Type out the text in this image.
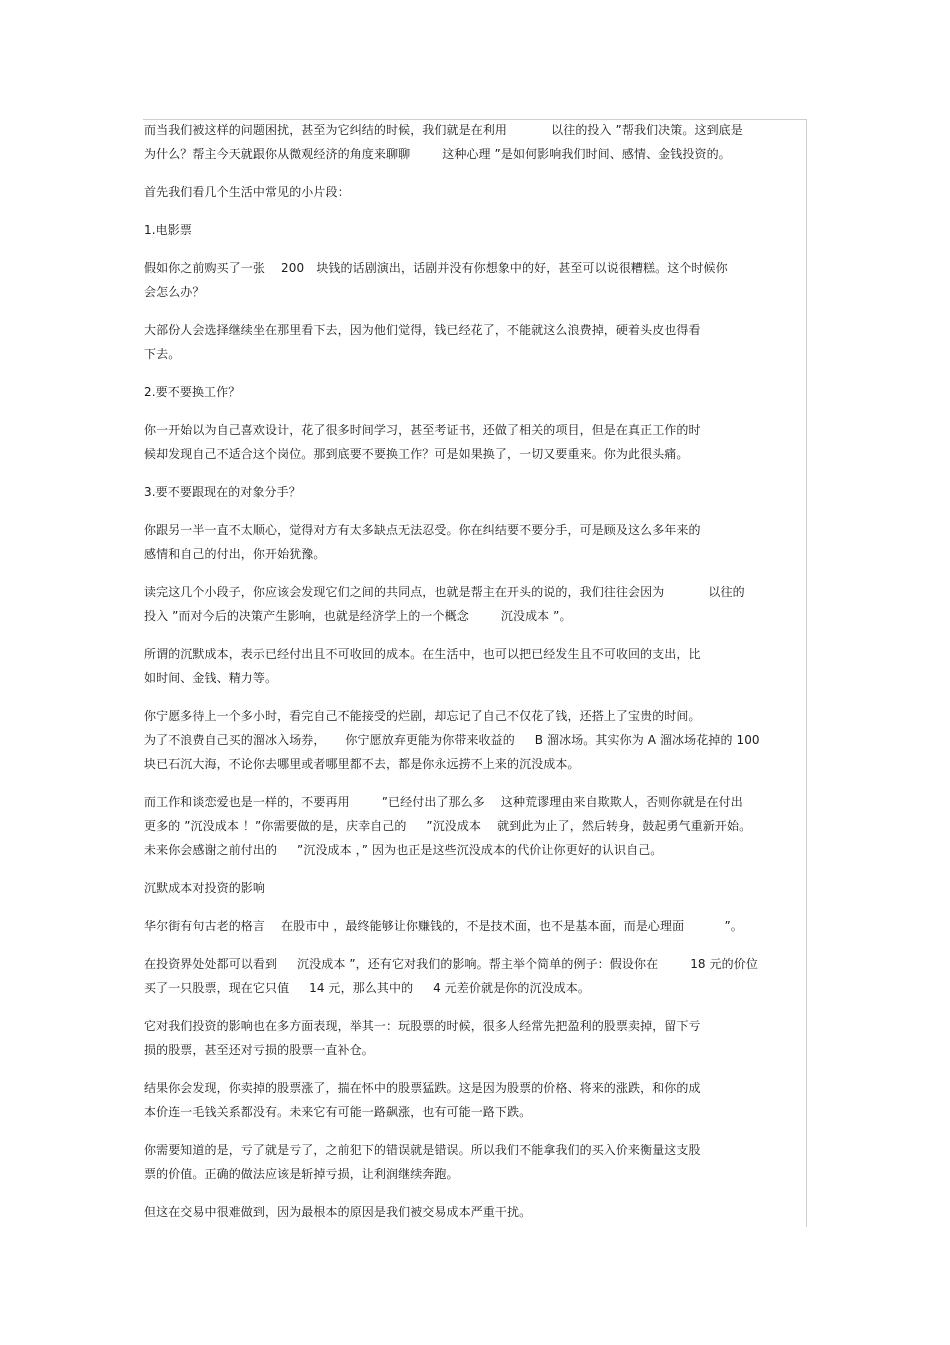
而当我们被这样的问题困扰，甚至为它纠结的时候，我们就是在利用 　　　 以往的投入 ”帮我们决策。这到底是
为什么？帮主今天就跟你从微观经济的角度来聊聊 　　 这种心理 ”是如何影响我们时间、感情、金钱投资的。
首先我们看几个生活中常见的小片段：
1.电影票
假如你之前购买了一张 　200　块钱的话剧演出，话剧并没有你想象中的好，甚至可以说很糟糕。这个时候你
会怎么办？
大部份人会选择继续坐在那里看下去，因为他们觉得，钱已经花了，不能就这么浪费掉，硬着头皮也得看
下去。
2.要不要换工作？
你一开始以为自己喜欢设计，花了很多时间学习，甚至考证书，还做了相关的项目，但是在真正工作的时
候却发现自己不适合这个岗位。那到底要不要换工作？可是如果换了，一切又要重来。你为此很头痛。
3.要不要跟现在的对象分手？
你跟另一半一直不太顺心，觉得对方有太多缺点无法忍受。你在纠结要不要分手，可是顾及这么多年来的
感情和自己的付出，你开始犹豫。
读完这几个小段子，你应该会发现它们之间的共同点，也就是帮主在开头的说的，我们往往会因为 　　　 以往的
投入 ”而对今后的决策产生影响，也就是经济学上的一个概念 　　 沉没成本 ”。
所谓的沉默成本，表示已经付出且不可收回的成本。在生活中，也可以把已经发生且不可收回的支出，比
如时间、金钱、精力等。
你宁愿多待上一个多小时，看完自己不能接受的烂剧，却忘记了自己不仅花了钱，还搭上了宝贵的时间。
为了不浪费自己买的溜冰入场券， 　 你宁愿放弃更能为你带来收益的 　 B 溜冰场。其实你为 A 溜冰场花掉的 100
块已石沉大海，不论你去哪里或者哪里都不去，都是你永远捞不上来的沉没成本。
而工作和谈恋爱也是一样的，不要再用 　　 ”已经付出了那么多 　这种荒谬理由来自欺欺人，否则你就是在付出
更多的 ”沉没成本 ！”你需要做的是，庆幸自己的 　 ”沉没成本 　就到此为止了，然后转身，鼓起勇气重新开始。
未来你会感谢之前付出的 　 ”沉没成本 ，” 因为也正是这些沉没成本的代价让你更好的认识自己。
沉默成本对投资的影响
华尔街有句古老的格言 　在股市中 ，最终能够让你赚钱的，不是技术面，也不是基本面，而是心理面 　　　”。
在投资界处处都可以看到 　 沉没成本 ”，还有它对我们的影响。帮主举个简单的例子：假设你在 　　 18 元的价位
买了一只股票，现在它只值 　 14 元，那么其中的 　 4 元差价就是你的沉没成本。
它对我们投资的影响也在多方面表现，举其一：玩股票的时候，很多人经常先把盈利的股票卖掉，留下亏
损的股票，甚至还对亏损的股票一直补仓。
结果你会发现，你卖掉的股票涨了，揣在怀中的股票猛跌。这是因为股票的价格、将来的涨跌，和你的成
本价连一毛钱关系都没有。未来它有可能一路飙涨，也有可能一路下跌。
你需要知道的是，亏了就是亏了，之前犯下的错误就是错误。所以我们不能拿我们的买入价来衡量这支股
票的价值。正确的做法应该是斩掉亏损，让利润继续奔跑。
但这在交易中很难做到，因为最根本的原因是我们被交易成本严重干扰。
